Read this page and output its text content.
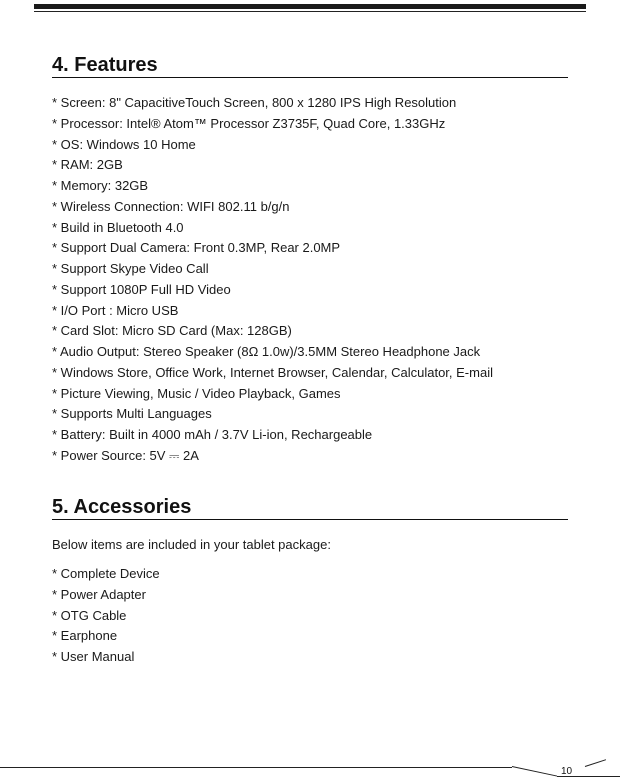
4. Features
* Screen: 8" CapacitiveTouch Screen, 800 x 1280 IPS High Resolution
* Processor: Intel® Atom™ Processor Z3735F, Quad Core, 1.33GHz
* OS: Windows 10 Home
* RAM: 2GB
* Memory: 32GB
* Wireless Connection: WIFI 802.11 b/g/n
* Build in Bluetooth 4.0
* Support Dual Camera: Front 0.3MP, Rear 2.0MP
* Support Skype Video Call
* Support 1080P Full HD Video
* I/O Port : Micro USB
* Card Slot: Micro SD Card (Max: 128GB)
* Audio Output: Stereo Speaker (8Ω 1.0w)/3.5MM Stereo Headphone Jack
* Windows Store, Office Work, Internet Browser, Calendar, Calculator, E-mail
* Picture Viewing, Music / Video Playback, Games
* Supports Multi Languages
* Battery: Built in 4000 mAh / 3.7V Li-ion, Rechargeable
* Power Source: 5V ⎓ 2A
5. Accessories

Below items are included in your tablet package:

* Complete Device
* Power Adapter
* OTG Cable
* Earphone
* User Manual
10
